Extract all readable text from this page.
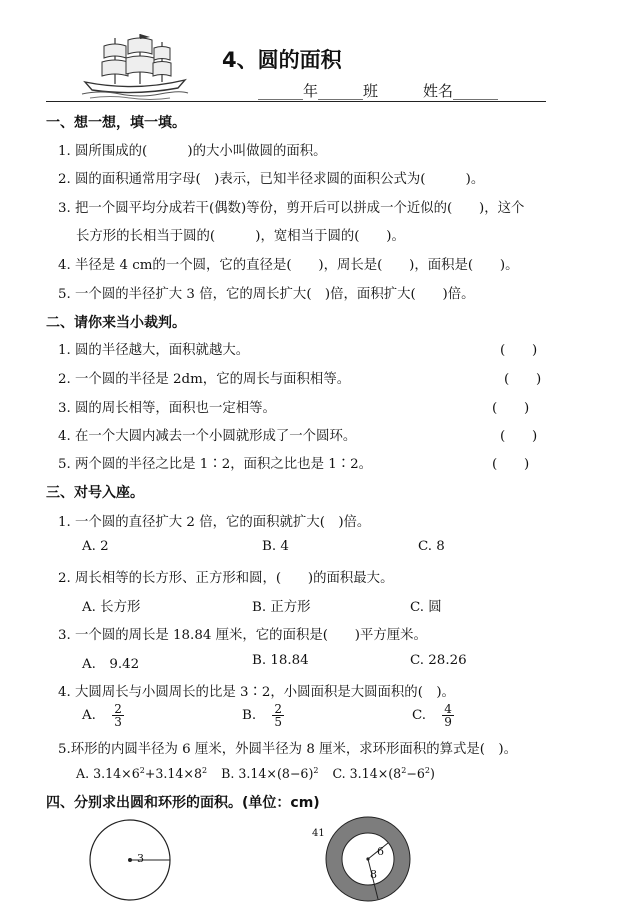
4、圆的面积
______年______班　　　姓名______
一、想一想，填一填。
1. 圆所围成的(　　　)的大小叫做圆的面积。
2. 圆的面积通常用字母(　)表示，已知半径求圆的面积公式为(　　　)。
3. 把一个圆平均分成若干(偶数)等份，剪开后可以拼成一个近似的(　　)，这个
长方形的长相当于圆的(　　　)，宽相当于圆的(　　)。
4. 半径是 4 cm的一个圆，它的直径是(　　)，周长是(　　)，面积是(　　)。
5. 一个圆的半径扩大 3 倍，它的周长扩大(　)倍，面积扩大(　　)倍。
二、请你来当小裁判。
1. 圆的半径越大，面积就越大。	(　　)
2. 一个圆的半径是 2dm，它的周长与面积相等。	(　　)
3. 圆的周长相等，面积也一定相等。	(　　)
4. 在一个大圆内减去一个小圆就形成了一个圆环。	(　　)
5. 两个圆的半径之比是 1∶2，面积之比也是 1∶2。	(　　)
三、对号入座。
1. 一个圆的直径扩大 2 倍，它的面积就扩大(　)倍。
A. 2	B. 4	C. 8
2. 周长相等的长方形、正方形和圆，(　　)的面积最大。
A. 长方形	B. 正方形	C. 圆
3. 一个圆的周长是 18.84 厘米，它的面积是(　　)平方厘米。
A.　9.42	B. 18.84	C. 28.26
4. 大圆周长与小圆周长的比是 3∶2，小圆面积是大圆面积的(　)。
A. $\frac{2}{3}$	B. $\frac{2}{5}$	C. $\frac{4}{9}$
5.环形的内圆半径为 6 厘米，外圆半径为 8 厘米，求环形面积的算式是(　)。
A. $3.14\times 6^2+3.14\times 8^2$ B. $3.14\times(8-6)^2$ C. $3.14\times(8^2-6^2)$
四、分别求出圆和环形的面积。(单位：cm)
3
41
6
8
